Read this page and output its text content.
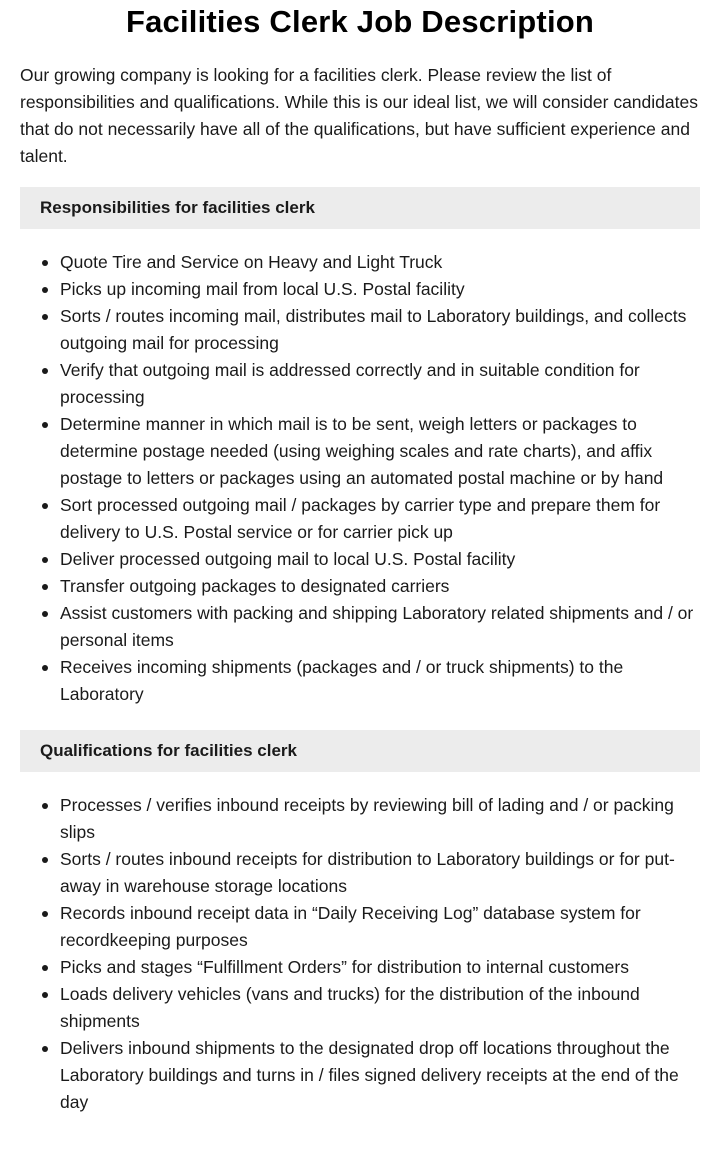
Facilities Clerk Job Description

Our growing company is looking for a facilities clerk. Please review the list of responsibilities and qualifications. While this is our ideal list, we will consider candidates that do not necessarily have all of the qualifications, but have sufficient experience and talent.

Responsibilities for facilities clerk
Quote Tire and Service on Heavy and Light Truck
Picks up incoming mail from local U.S. Postal facility
Sorts / routes incoming mail, distributes mail to Laboratory buildings, and collects outgoing mail for processing
Verify that outgoing mail is addressed correctly and in suitable condition for processing
Determine manner in which mail is to be sent, weigh letters or packages to determine postage needed (using weighing scales and rate charts), and affix postage to letters or packages using an automated postal machine or by hand
Sort processed outgoing mail / packages by carrier type and prepare them for delivery to U.S. Postal service or for carrier pick up
Deliver processed outgoing mail to local U.S. Postal facility
Transfer outgoing packages to designated carriers
Assist customers with packing and shipping Laboratory related shipments and / or personal items
Receives incoming shipments (packages and / or truck shipments) to the Laboratory
Qualifications for facilities clerk
Processes / verifies inbound receipts by reviewing bill of lading and / or packing slips
Sorts / routes inbound receipts for distribution to Laboratory buildings or for put-away in warehouse storage locations
Records inbound receipt data in “Daily Receiving Log” database system for recordkeeping purposes
Picks and stages “Fulfillment Orders” for distribution to internal customers
Loads delivery vehicles (vans and trucks) for the distribution of the inbound shipments
Delivers inbound shipments to the designated drop off locations throughout the Laboratory buildings and turns in / files signed delivery receipts at the end of the day
